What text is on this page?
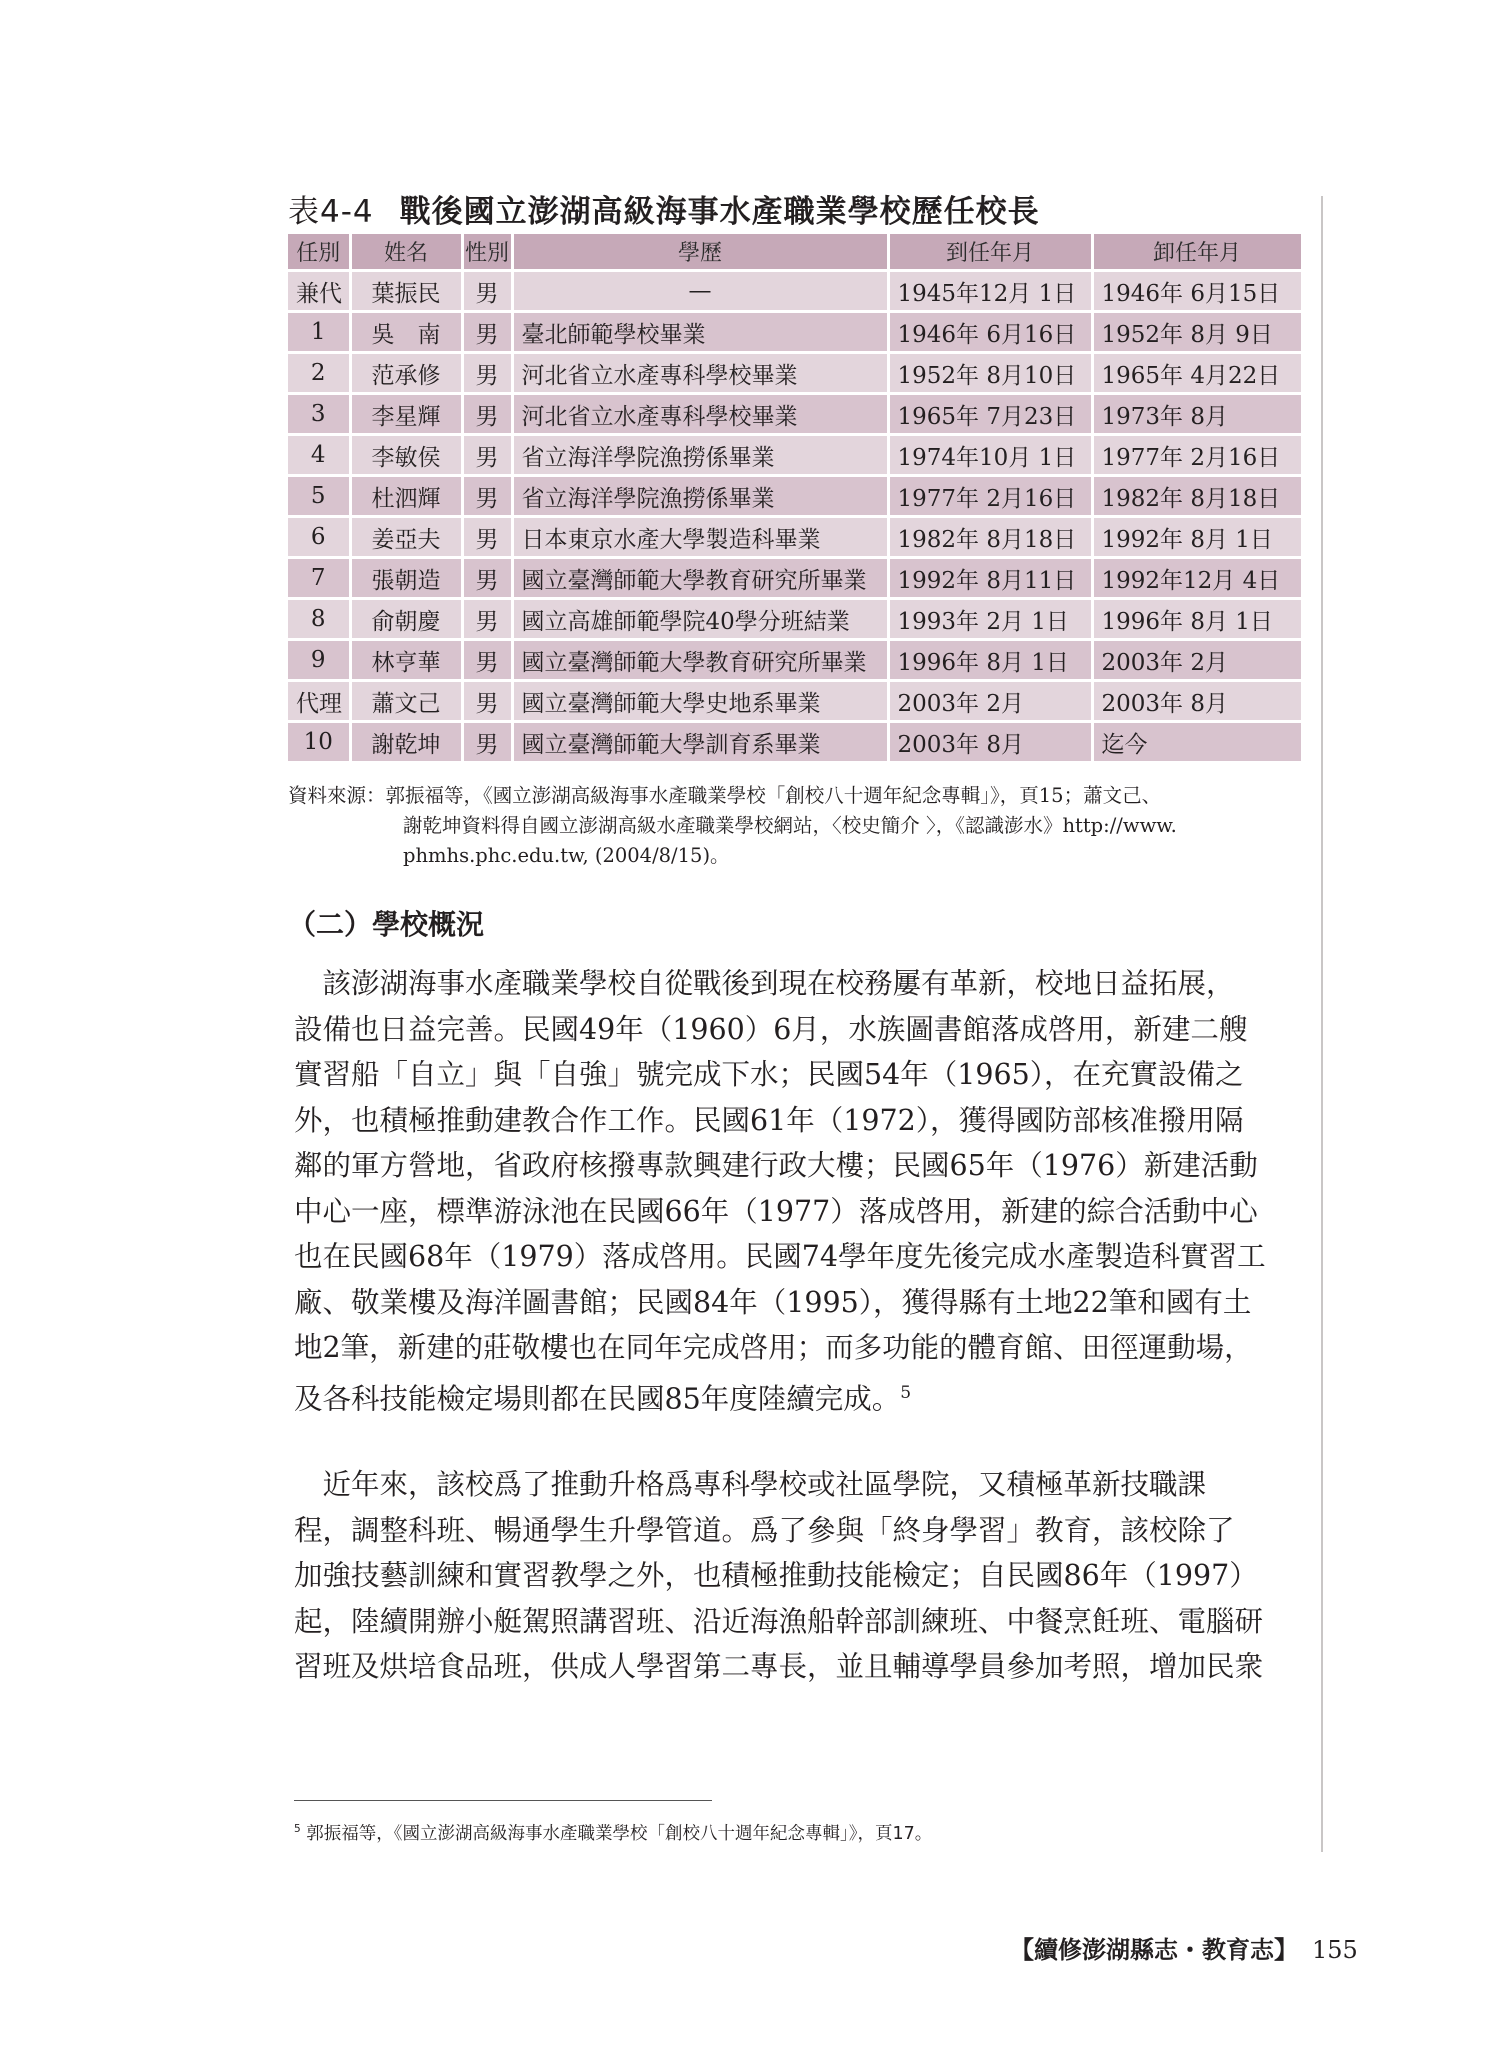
表4-4 戰後國立澎湖高級海事水產職業學校歷任校長
任別	姓名	性別	學歷	到任年月	卸任年月
兼代	葉振民	男	—	1945年12月 1日	1946年 6月15日
1	吳　南	男	臺北師範學校畢業	1946年 6月16日	1952年 8月 9日
2	范承修	男	河北省立水產專科學校畢業	1952年 8月10日	1965年 4月22日
3	李星輝	男	河北省立水產專科學校畢業	1965年 7月23日	1973年 8月
4	李敏侯	男	省立海洋學院漁撈係畢業	1974年10月 1日	1977年 2月16日
5	杜泗輝	男	省立海洋學院漁撈係畢業	1977年 2月16日	1982年 8月18日
6	姜亞夫	男	日本東京水產大學製造科畢業	1982年 8月18日	1992年 8月 1日
7	張朝造	男	國立臺灣師範大學教育研究所畢業	1992年 8月11日	1992年12月 4日
8	俞朝慶	男	國立高雄師範學院40學分班結業	1993年 2月 1日	1996年 8月 1日
9	林亨華	男	國立臺灣師範大學教育研究所畢業	1996年 8月 1日	2003年 2月
代理	蕭文己	男	國立臺灣師範大學史地系畢業	2003年 2月	2003年 8月
10	謝乾坤	男	國立臺灣師範大學訓育系畢業	2003年 8月	迄今
資料來源：郭振福等，《國立澎湖高級海事水產職業學校「創校八十週年紀念專輯」》，頁15；蕭文己、
謝乾坤資料得自國立澎湖高級水產職業學校網站，〈校史簡介 〉，《認識澎水》http://www.
phmhs.phc.edu.tw, (2004/8/15)。
（二）學校概況
　該澎湖海事水產職業學校自從戰後到現在校務屢有革新，校地日益拓展，
設備也日益完善。民國49年（1960）6月，水族圖書館落成啓用，新建二艘
實習船「自立」與「自強」號完成下水；民國54年（1965），在充實設備之
外，也積極推動建教合作工作。民國61年（1972），獲得國防部核准撥用隔
鄰的軍方營地，省政府核撥專款興建行政大樓；民國65年（1976）新建活動
中心一座，標準游泳池在民國66年（1977）落成啓用，新建的綜合活動中心
也在民國68年（1979）落成啓用。民國74學年度先後完成水產製造科實習工
廠、敬業樓及海洋圖書館；民國84年（1995），獲得縣有土地22筆和國有土
地2筆，新建的莊敬樓也在同年完成啓用；而多功能的體育館、田徑運動場，
及各科技能檢定場則都在民國85年度陸續完成。$^5$
　近年來，該校爲了推動升格爲專科學校或社區學院，又積極革新技職課
程，調整科班、暢通學生升學管道。爲了參與「終身學習」教育，該校除了
加強技藝訓練和實習教學之外，也積極推動技能檢定；自民國86年（1997）
起，陸續開辦小艇駕照講習班、沿近海漁船幹部訓練班、中餐烹飪班、電腦研
習班及烘培食品班，供成人學習第二專長，並且輔導學員參加考照，增加民衆
$^5$ 郭振福等，《國立澎湖高級海事水產職業學校「創校八十週年紀念專輯」》，頁17。
【續修澎湖縣志・教育志】 155
